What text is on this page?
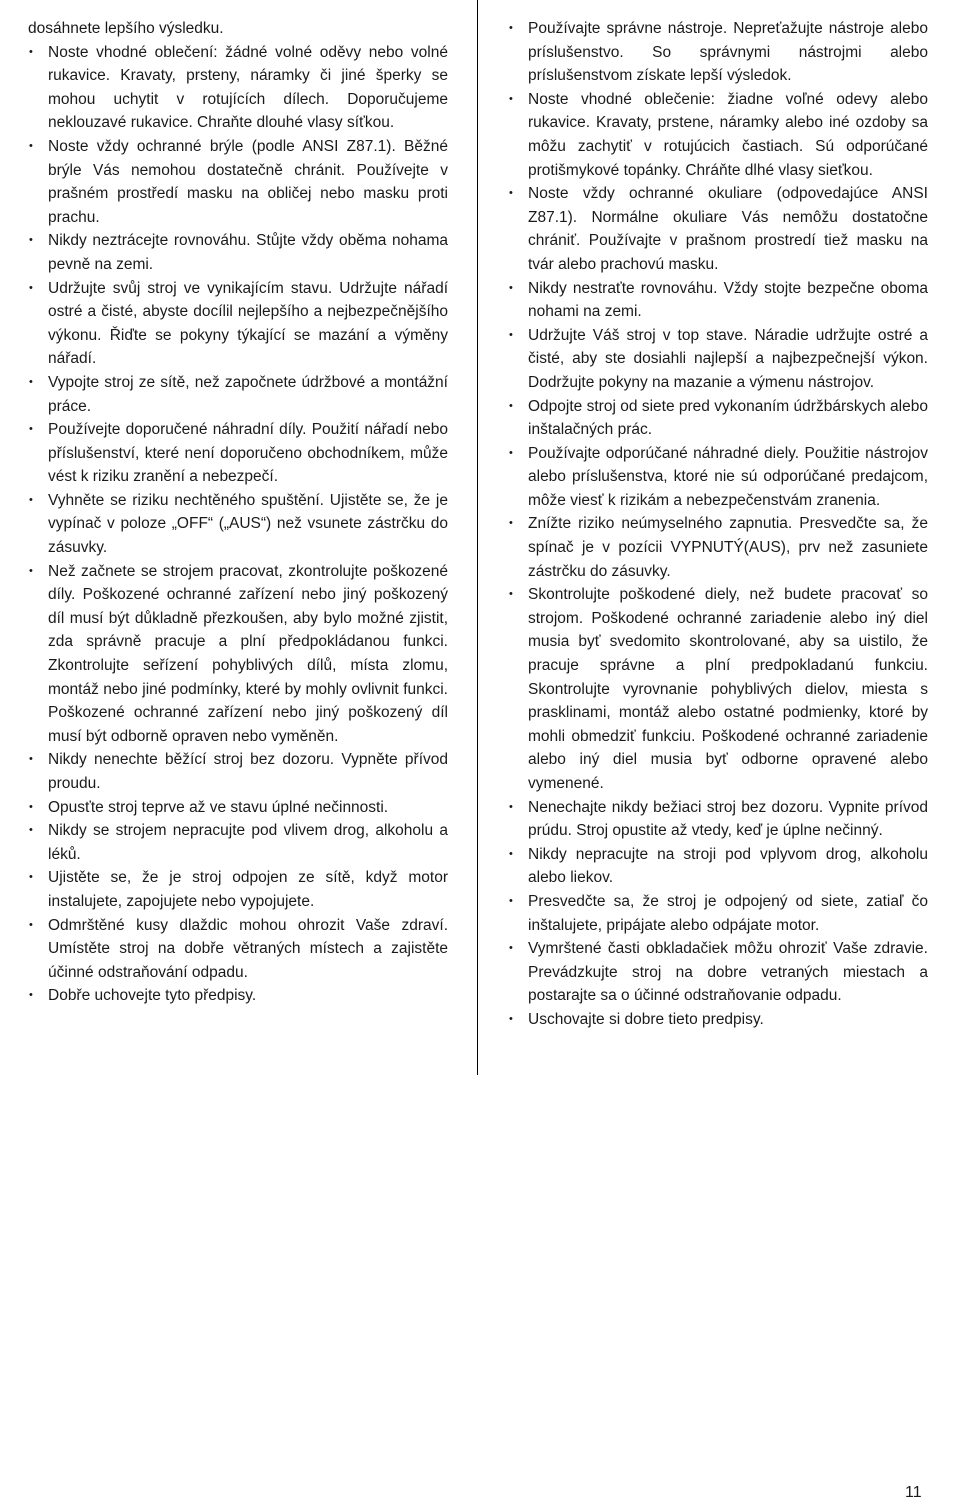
dosáhnete lepšího výsledku.

• Noste vhodné oblečení: žádné volné oděvy nebo volné rukavice. Kravaty, prsteny, náramky či jiné šperky se mohou uchytit v rotujících dílech. Doporučujeme neklouzavé rukavice. Chraňte dlouhé vlasy síťkou.
• Noste vždy ochranné brýle (podle ANSI Z87.1). Běžné brýle Vás nemohou dostatečně chránit. Používejte v prašném prostředí masku na obličej nebo masku proti prachu.
• Nikdy neztrácejte rovnováhu. Stůjte vždy oběma nohama pevně na zemi.
• Udržujte svůj stroj ve vynikajícím stavu. Udržujte nářadí ostré a čisté, abyste docílil nejlepšího a nejbezpečnějšího výkonu. Řiďte se pokyny týkající se mazání a výměny nářadí.
• Vypojte stroj ze sítě, než započnete údržbové a montážní práce.
• Používejte doporučené náhradní díly. Použití nářadí nebo příslušenství, které není doporučeno obchodníkem, může vést k riziku zranění a nebezpečí.
• Vyhněte se riziku nechtěného spuštění. Ujistěte se, že je vypínač v poloze „OFF“ („AUS“) než vsunete zástrčku do zásuvky.
• Než začnete se strojem pracovat, zkontrolujte poškozené díly. Poškozené ochranné zařízení nebo jiný poškozený díl musí být důkladně přezkoušen, aby bylo možné zjistit, zda správně pracuje a plní předpokládanou funkci. Zkontrolujte seřízení pohyblivých dílů, místa zlomu, montáž nebo jiné podmínky, které by mohly ovlivnit funkci. Poškozené ochranné zařízení nebo jiný poškozený díl musí být odborně opraven nebo vyměněn.
• Nikdy nenechte běžící stroj bez dozoru. Vypněte přívod proudu.
• Opusťte stroj teprve až ve stavu úplné nečinnosti.
• Nikdy se strojem nepracujte pod vlivem drog, alkoholu a léků.
• Ujistěte se, že je stroj odpojen ze sítě, když motor instalujete, zapojujete nebo vypojujete.
• Odmrštěné kusy dlaždic mohou ohrozit Vaše zdraví. Umístěte stroj na dobře větraných místech a zajistěte účinné odstraňování odpadu.
• Dobře uchovejte tyto předpisy.
• Používajte správne nástroje. Nepreťažujte nástroje alebo príslušenstvo. So správnymi nástrojmi alebo príslušenstvom získate lepší výsledok.
• Noste vhodné oblečenie: žiadne voľné odevy alebo rukavice. Kravaty, prstene, náramky alebo iné ozdoby sa môžu zachytiť v rotujúcich častiach. Sú odporúčané protišmykové topánky. Chráňte dlhé vlasy sieťkou.
• Noste vždy ochranné okuliare (odpovedajúce ANSI Z87.1). Normálne okuliare Vás nemôžu dostatočne chrániť. Používajte v prašnom prostredí tiež masku na tvár alebo prachovú masku.
• Nikdy nestraťte rovnováhu. Vždy stojte bezpečne oboma nohami na zemi.
• Udržujte Váš stroj v top stave. Náradie udržujte ostré a čisté, aby ste dosiahli najlepší a najbezpečnejší výkon. Dodržujte pokyny na mazanie a výmenu nástrojov.
• Odpojte stroj od siete pred vykonaním údržbárskych alebo inštalačných prác.
• Používajte odporúčané náhradné diely. Použitie nástrojov alebo príslušenstva, ktoré nie sú odporúčané predajcom, môže viesť k rizikám a nebezpečenstvám zranenia.
• Znížte riziko neúmyselného zapnutia. Presvedčte sa, že spínač je v pozícii VYPNUTÝ(AUS), prv než zasuniete zástrčku do zásuvky.
• Skontrolujte poškodené diely, než budete pracovať so strojom. Poškodené ochranné zariadenie alebo iný diel musia byť svedomito skontrolované, aby sa uistilo, že pracuje správne a plní predpokladanú funkciu. Skontrolujte vyrovnanie pohyblivých dielov, miesta s prasklinami, montáž alebo ostatné podmienky, ktoré by mohli obmedziť funkciu. Poškodené ochranné zariadenie alebo iný diel musia byť odborne opravené alebo vymenené.
• Nenechajte nikdy bežiaci stroj bez dozoru. Vypnite prívod prúdu. Stroj opustite až vtedy, keď je úplne nečinný.
• Nikdy nepracujte na stroji pod vplyvom drog, alkoholu alebo liekov.
• Presvedčte sa, že stroj je odpojený od siete, zatiaľ čo inštalujete, pripájate alebo odpájate motor.
• Vymrštené časti obkladačiek môžu ohroziť Vaše zdravie. Prevádzkujte stroj na dobre vetraných miestach a postarajte sa o účinné odstraňovanie odpadu.
• Uschovajte si dobre tieto predpisy.
11
